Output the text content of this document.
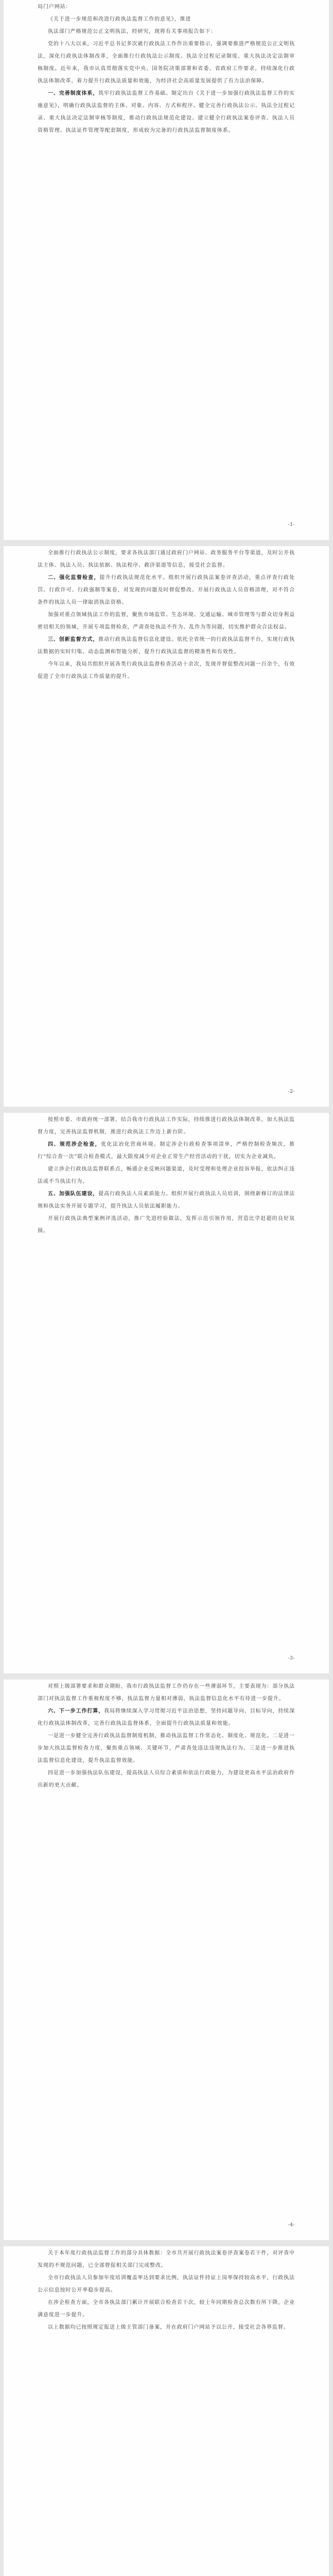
局门户网站：

《关于进一步规范和改进行政执法监督工作的意见》，推进

执法部门严格规范公正文明执法，经研究，现将有关事项报告如下：

党的十八大以来，习近平总书记多次就行政执法工作作出重要指示，强调要推进严格规范公正文明执法，深化行政执法体制改革，全面推行行政执法公示制度、执法全过程记录制度、重大执法决定法制审核制度。近年来，我市认真贯彻落实党中央、国务院决策部署和省委、省政府工作要求，持续深化行政执法体制改革，着力提升行政执法质量和效能，为经济社会高质量发展提供了有力法治保障。

一、完善制度体系，筑牢行政执法监督工作基础。制定出台《关于进一步加强行政执法监督工作的实施意见》，明确行政执法监督的主体、对象、内容、方式和程序。健全完善行政执法公示、执法全过程记录、重大执法决定法制审核等制度，推动行政执法规范化建设。建立健全行政执法案卷评查、执法人员资格管理、执法证件管理等配套制度，形成较为完备的行政执法监督制度体系。

-1-

全面推行行政执法公示制度，要求各执法部门通过政府门户网站、政务服务平台等渠道，及时公开执法主体、执法人员、执法依据、执法程序、救济渠道等信息，接受社会监督。

二、强化监督检查，提升行政执法规范化水平。组织开展行政执法案卷评查活动，重点评查行政处罚、行政许可、行政强制等案卷，对发现的问题及时督促整改。开展行政执法人员资格清理，对不符合条件的执法人员一律取消执法资格。

加强对重点领域执法工作的监督，聚焦市场监管、生态环境、交通运输、城市管理等与群众切身利益密切相关的领域，开展专项监督检查，严肃查处执法不作为、乱作为等问题，切实维护群众合法权益。

三、创新监督方式，推动行政执法监督信息化建设。依托全省统一的行政执法监督平台，实现行政执法数据的实时归集、动态监测和智能分析，提升行政执法监督的精准性和有效性。

今年以来，我局共组织开展各类行政执法监督检查活动十余次，发现并督促整改问题一百余个，有效促进了全市行政执法工作质量的提升。

-2-

按照市委、市政府统一部署，结合我市行政执法工作实际，持续推进行政执法体制改革，加大执法监督力度，完善执法监督机制，推进行政执法工作迈上新台阶。

四、规范涉企检查，优化法治化营商环境。制定涉企行政检查事项清单，严格控制检查频次，推行“综合查一次”联合检查模式，最大限度减少对企业正常生产经营活动的干扰，切实为企业减负。

建立涉企行政执法监督联系点，畅通企业反映问题渠道，及时受理和处理企业投诉举报，依法纠正违法或不当执法行为。

五、加强队伍建设，提高行政执法人员素质能力。组织开展行政执法人员培训，围绕新修订的法律法规和执法实务开展专题学习，提升执法人员依法履职能力。

开展行政执法典型案例评选活动，推广先进经验做法，发挥示范引领作用，营造比学赶超的良好氛围。

-3-

对照上级部署要求和群众期盼，我市行政执法监督工作仍存在一些薄弱环节，主要表现为：部分执法部门对执法监督工作重视程度不够，执法监督力量相对薄弱，执法监督信息化水平有待进一步提升。

六、下一步工作打算，我局将继续深入学习贯彻习近平法治思想，坚持问题导向、目标导向，持续深化行政执法体制改革，完善行政执法监督体系，全面提升行政执法质量和效能。

一是进一步健全完善行政执法监督制度机制，推动执法监督工作常态化、制度化、规范化。二是进一步加大执法监督检查力度，聚焦重点领域、关键环节，严肃查处违法违规执法行为。三是进一步推进执法监督信息化建设，提升执法监督效能。

四是进一步加强执法队伍建设，提高执法人员综合素质和依法行政能力，为建设更高水平法治政府作出新的更大贡献。

-4-

关于本年度行政执法监督工作的部分具体数据：全市共开展行政执法案卷评查案卷若干件，对评查中发现的不规范问题，已全部督促相关部门完成整改。

全市行政执法人员参加年度培训覆盖率达到要求比例，执法证件持证上岗率保持较高水平，行政执法公示信息按时公开率稳步提高。

在涉企检查方面，全市各执法部门累计开展联合检查若干次，较上年同期检查总次数有所下降，企业满意度进一步提升。

以上数据均已按照规定报送上级主管部门备案，并在政府门户网站予以公开，接受社会各界监督。
